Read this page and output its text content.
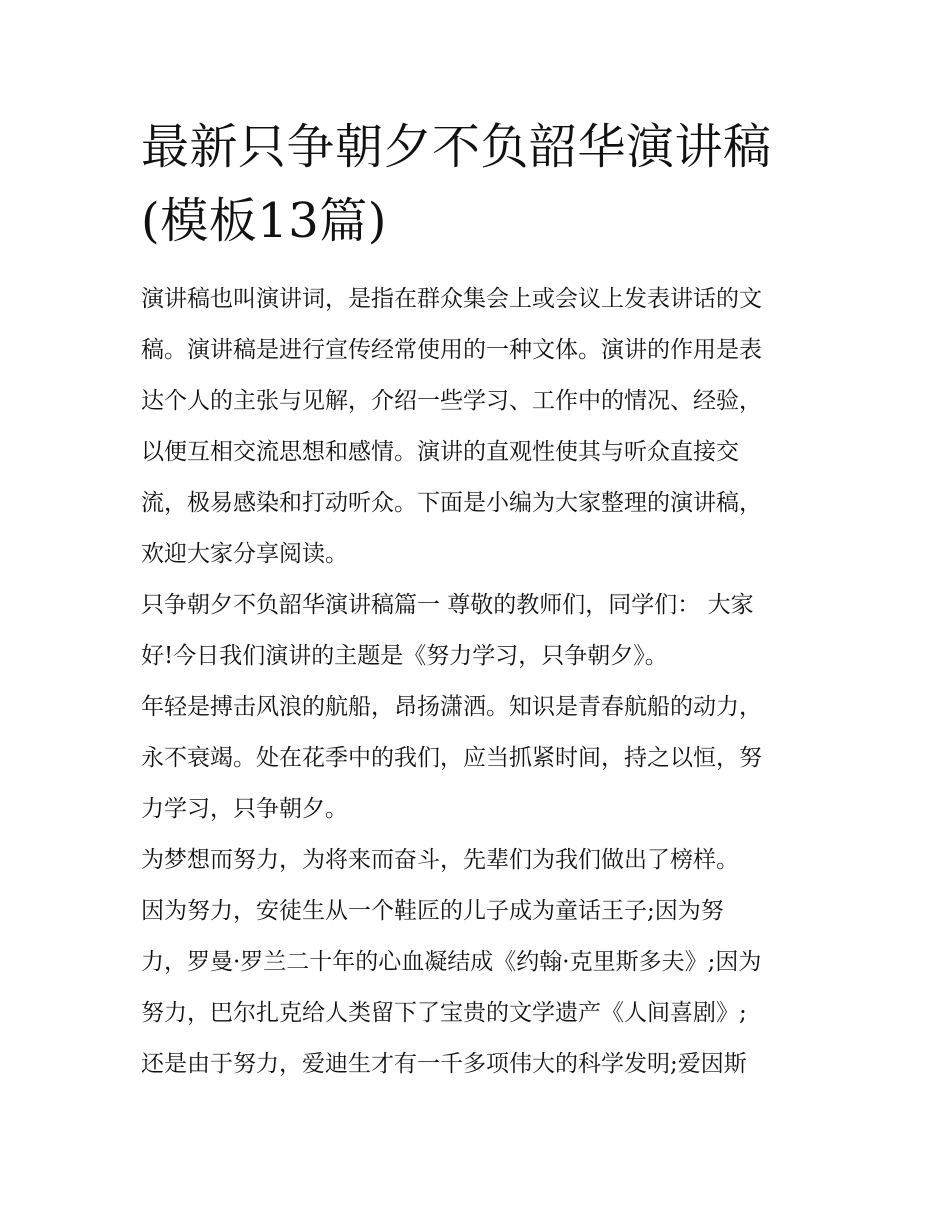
最新只争朝夕不负韶华演讲稿
(模板13篇)

演讲稿也叫演讲词，是指在群众集会上或会议上发表讲话的文
稿。演讲稿是进行宣传经常使用的一种文体。演讲的作用是表
达个人的主张与见解，介绍一些学习、工作中的情况、经验，
以便互相交流思想和感情。演讲的直观性使其与听众直接交
流，极易感染和打动听众。下面是小编为大家整理的演讲稿，
欢迎大家分享阅读。

只争朝夕不负韶华演讲稿篇一 尊敬的教师们，同学们： 大家
好!今日我们演讲的主题是《努力学习，只争朝夕》。

年轻是搏击风浪的航船，昂扬潇洒。知识是青春航船的动力，
永不衰竭。处在花季中的我们，应当抓紧时间，持之以恒，努
力学习，只争朝夕。

为梦想而努力，为将来而奋斗，先辈们为我们做出了榜样。
因为努力，安徒生从一个鞋匠的儿子成为童话王子;因为努
力，罗曼·罗兰二十年的心血凝结成《约翰·克里斯多夫》;因为
努力，巴尔扎克给人类留下了宝贵的文学遗产《人间喜剧》;
还是由于努力，爱迪生才有一千多项伟大的科学发明;爱因斯
